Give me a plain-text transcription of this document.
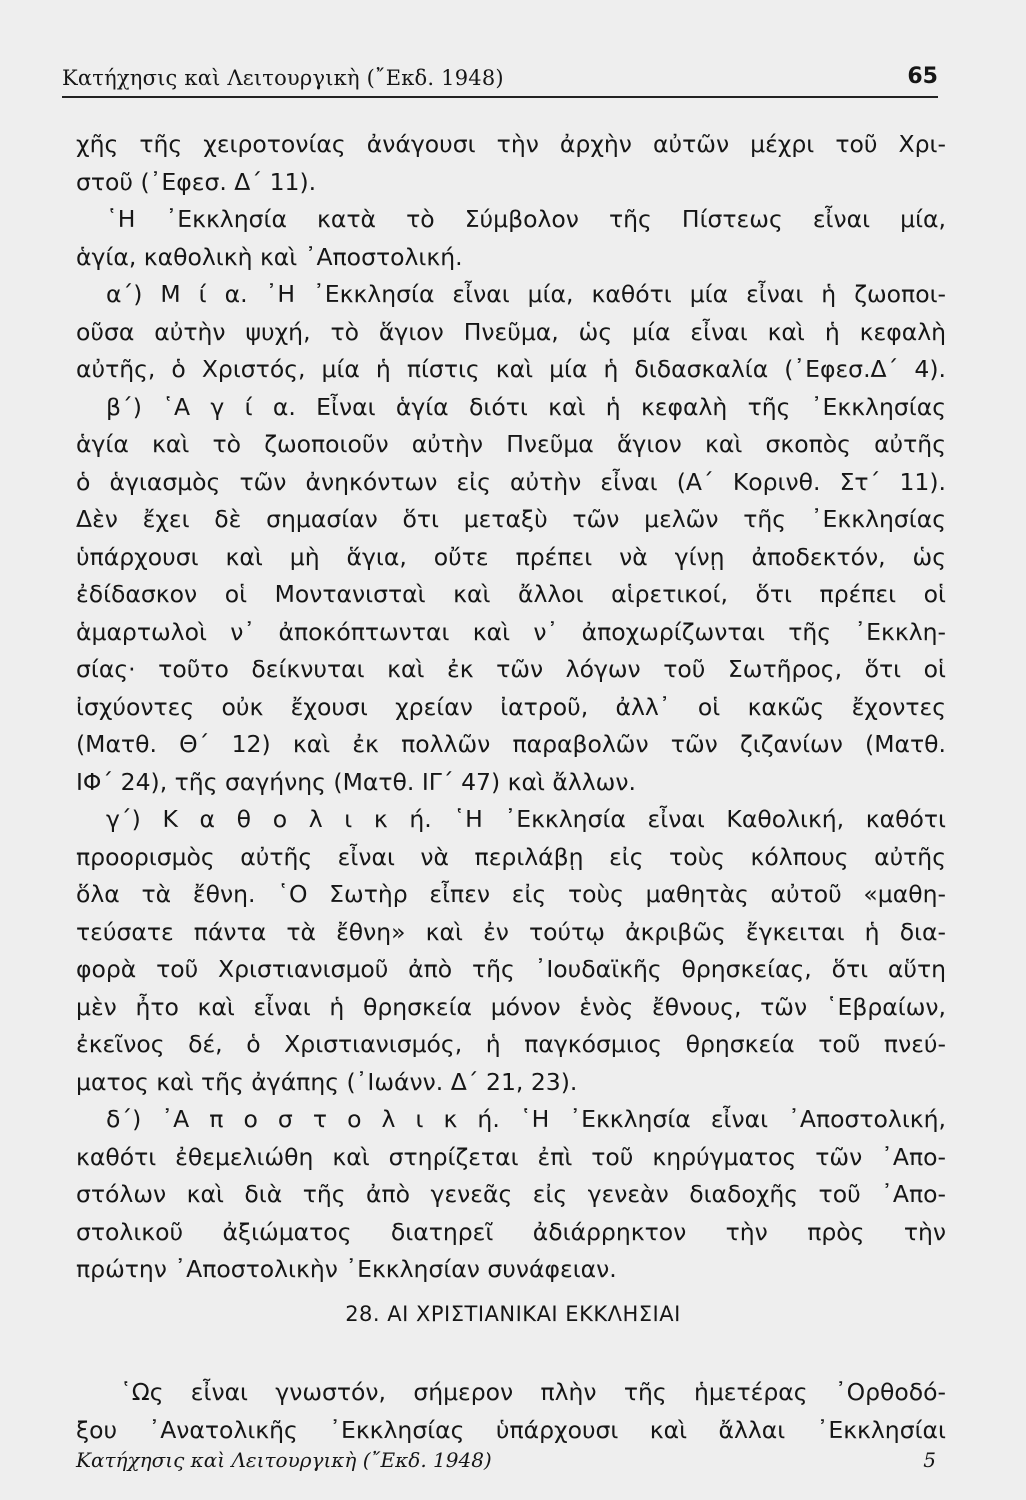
Κατήχησις καὶ Λειτουργικὴ (῎Εκδ. 1948)	65
χῆς τῆς χειροτονίας ἀνάγουσι τὴν ἀρχὴν αὐτῶν μέχρι τοῦ Χρι-
στοῦ (᾿Εφεσ. Δ΄ 11).
῾Η ᾿Εκκλησία κατὰ τὸ Σύμβολον τῆς Πίστεως εἶναι μία,
ἁγία, καθολικὴ καὶ ᾿Αποστολική.
α΄) Μ ί α. ᾿Η ᾿Εκκλησία εἶναι μία, καθότι μία εἶναι ἡ ζωοποι-
οῦσα αὐτὴν ψυχή, τὸ ἅγιον Πνεῦμα, ὡς μία εἶναι καὶ ἡ κεφαλὴ
αὐτῆς, ὁ Χριστός, μία ἡ πίστις καὶ μία ἡ διδασκαλία (᾿Εφεσ.Δ΄ 4).
β΄) ῾Α γ ί α. Εἶναι ἁγία διότι καὶ ἡ κεφαλὴ τῆς ᾿Εκκλησίας
ἁγία καὶ τὸ ζωοποιοῦν αὐτὴν Πνεῦμα ἅγιον καὶ σκοπὸς αὐτῆς
ὁ ἁγιασμὸς τῶν ἀνηκόντων εἰς αὐτὴν εἶναι (Α΄ Κορινθ. Στ΄ 11).
Δὲν ἔχει δὲ σημασίαν ὅτι μεταξὺ τῶν μελῶν τῆς ᾿Εκκλησίας
ὑπάρχουσι καὶ μὴ ἅγια, οὔτε πρέπει νὰ γίνῃ ἀποδεκτόν, ὡς
ἐδίδασκον οἱ Μοντανισταὶ καὶ ἄλλοι αἱρετικοί, ὅτι πρέπει οἱ
ἁμαρτωλοὶ ν᾿ ἀποκόπτωνται καὶ ν᾿ ἀποχωρίζωνται τῆς ᾿Εκκλη-
σίας· τοῦτο δείκνυται καὶ ἐκ τῶν λόγων τοῦ Σωτῆρος, ὅτι οἱ
ἰσχύοντες οὐκ ἔχουσι χρείαν ἰατροῦ, ἀλλ᾿ οἱ κακῶς ἔχοντες
(Ματθ. Θ΄ 12) καὶ ἐκ πολλῶν παραβολῶν τῶν ζιζανίων (Ματθ.
ΙΦ΄ 24), τῆς σαγήνης (Ματθ. ΙΓ΄ 47) καὶ ἄλλων.
γ΄) Κ α θ ο λ ι κ ή. ῾Η ᾿Εκκλησία εἶναι Καθολική, καθότι
προορισμὸς αὐτῆς εἶναι νὰ περιλάβῃ εἰς τοὺς κόλπους αὐτῆς
ὅλα τὰ ἔθνη. ῾Ο Σωτὴρ εἶπεν εἰς τοὺς μαθητὰς αὐτοῦ «μαθη-
τεύσατε πάντα τὰ ἔθνη» καὶ ἐν τούτῳ ἀκριβῶς ἔγκειται ἡ δια-
φορὰ τοῦ Χριστιανισμοῦ ἀπὸ τῆς ᾿Ιουδαϊκῆς θρησκείας, ὅτι αὕτη
μὲν ἦτο καὶ εἶναι ἡ θρησκεία μόνον ἑνὸς ἔθνους, τῶν ῾Εβραίων,
ἐκεῖνος δέ, ὁ Χριστιανισμός, ἡ παγκόσμιος θρησκεία τοῦ πνεύ-
ματος καὶ τῆς ἀγάπης (᾿Ιωάνν. Δ΄ 21, 23).
δ΄) ᾿Α π ο σ τ ο λ ι κ ή. ῾Η ᾿Εκκλησία εἶναι ᾿Αποστολική,
καθότι ἐθεμελιώθη καὶ στηρίζεται ἐπὶ τοῦ κηρύγματος τῶν ᾿Απο-
στόλων καὶ διὰ τῆς ἀπὸ γενεᾶς εἰς γενεὰν διαδοχῆς τοῦ ᾿Απο-
στολικοῦ ἀξιώματος διατηρεῖ ἀδιάρρηκτον τὴν πρὸς τὴν
πρώτην ᾿Αποστολικὴν ᾿Εκκλησίαν συνάφειαν.
28. ΑΙ ΧΡΙΣΤΙΑΝΙΚΑΙ ΕΚΚΛΗΣΙΑΙ
῾Ως εἶναι γνωστόν, σήμερον πλὴν τῆς ἡμετέρας ᾿Ορθοδό-
ξου ᾿Ανατολικῆς ᾿Εκκλησίας ὑπάρχουσι καὶ ἄλλαι ᾿Εκκλησίαι
Κατήχησις καὶ Λειτουργικὴ (῎Εκδ. 1948)	5
